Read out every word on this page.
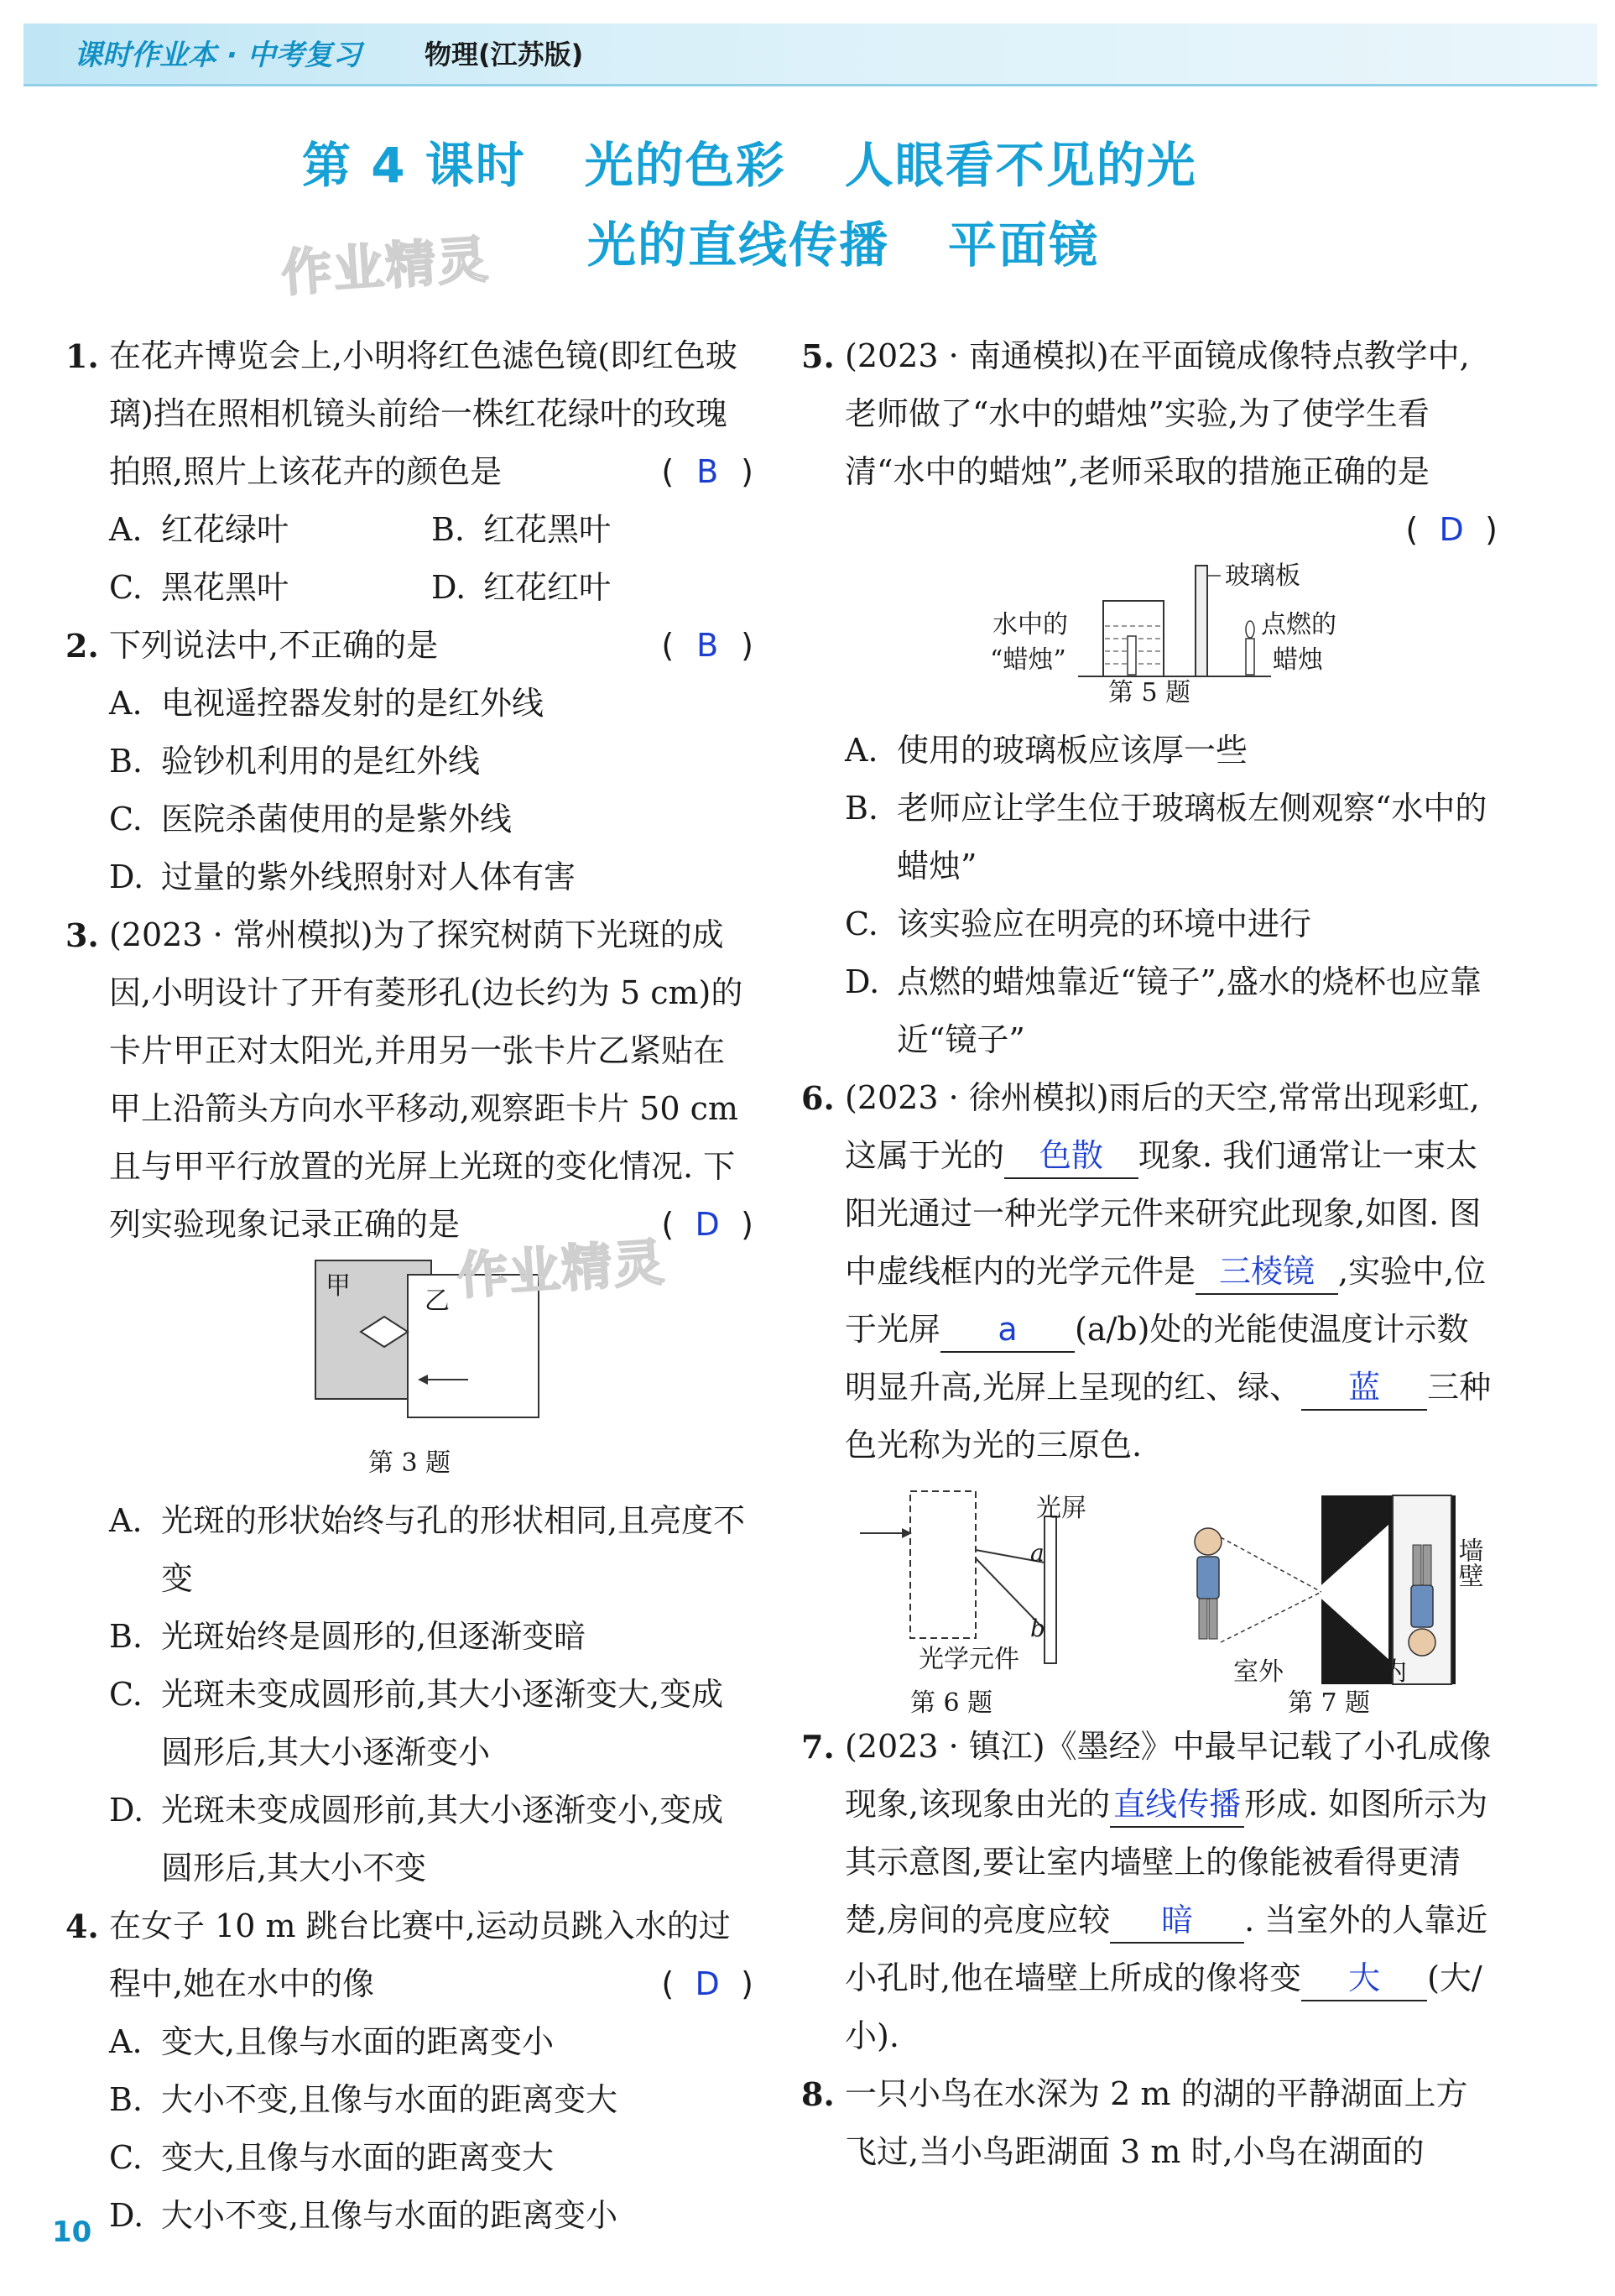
课时作业本 · 中考复习 物理(江苏版)
第 4 课时 光的色彩 人眼看不见的光
光的直线传播 平面镜
作业精灵
1. 在花卉博览会上,小明将红色滤色镜(即红色玻璃)挡在照相机镜头前给一株红花绿叶的玫瑰拍照,照片上该花卉的颜色是	( B )
A. 红花绿叶	B. 红花黑叶
C. 黑花黑叶	D. 红花红叶
2. 下列说法中,不正确的是	( B )
A. 电视遥控器发射的是红外线
B. 验钞机利用的是红外线
C. 医院杀菌使用的是紫外线
D. 过量的紫外线照射对人体有害
3. (2023 · 常州模拟)为了探究树荫下光斑的成因,小明设计了开有菱形孔(边长约为 5 cm)的卡片甲正对太阳光,并用另一张卡片乙紧贴在甲上沿箭头方向水平移动,观察距卡片 50 cm 且与甲平行放置的光屏上光斑的变化情况. 下列实验现象记录正确的是	( D )
甲
乙
第 3 题
A. 光斑的形状始终与孔的形状相同,且亮度不变
B. 光斑始终是圆形的,但逐渐变暗
C. 光斑未变成圆形前,其大小逐渐变大,变成圆形后,其大小逐渐变小
D. 光斑未变成圆形前,其大小逐渐变小,变成圆形后,其大小不变
4. 在女子 10 m 跳台比赛中,运动员跳入水的过程中,她在水中的像	( D )
A. 变大,且像与水面的距离变小
B. 大小不变,且像与水面的距离变大
C. 变大,且像与水面的距离变大
D. 大小不变,且像与水面的距离变小
5. (2023 · 南通模拟)在平面镜成像特点教学中,老师做了“水中的蜡烛”实验,为了使学生看清“水中的蜡烛”,老师采取的措施正确的是
( D )
玻璃板
水中的
“蜡烛”
点燃的
蜡烛
第 5 题
A. 使用的玻璃板应该厚一些
B. 老师应让学生位于玻璃板左侧观察“水中的蜡烛”
C. 该实验应在明亮的环境中进行
D. 点燃的蜡烛靠近“镜子”,盛水的烧杯也应靠近“镜子”
6. (2023 · 徐州模拟)雨后的天空,常常出现彩虹,这属于光的 色散 现象. 我们通常让一束太阳光通过一种光学元件来研究此现象,如图. 图中虚线框内的光学元件是 三棱镜 ,实验中,位于光屏 a (a/b)处的光能使温度计示数明显升高,光屏上呈现的红、绿、 蓝 三种色光称为光的三原色.
光屏
a
b
光学元件
第 6 题
墙壁
室外	室内
第 7 题
7. (2023 · 镇江)《墨经》中最早记载了小孔成像现象,该现象由光的 直线传播 形成. 如图所示为其示意图,要让室内墙壁上的像能被看得更清楚,房间的亮度应较 暗 . 当室外的人靠近小孔时,他在墙壁上所成的像将变 大 (大/小).
8. 一只小鸟在水深为 2 m 的湖的平静湖面上方飞过,当小鸟距湖面 3 m 时,小鸟在湖面的
作业精灵
10
